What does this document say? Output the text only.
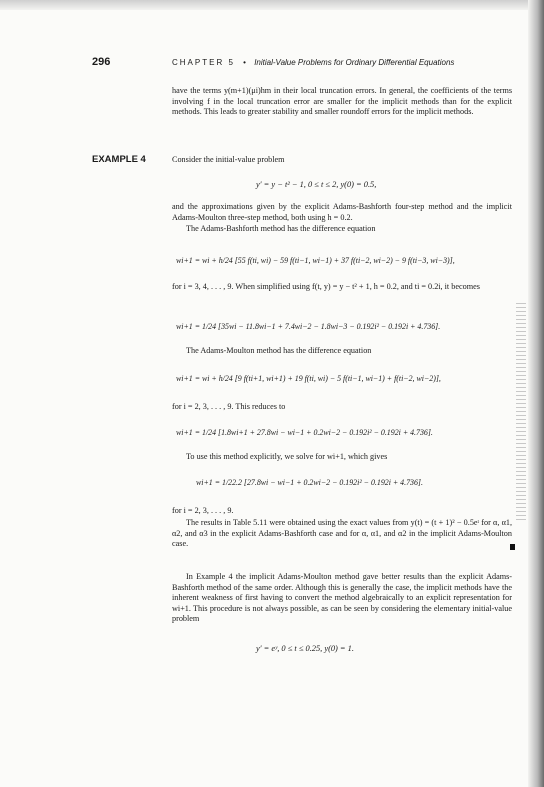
296	CHAPTER 5 • Initial-Value Problems for Ordinary Differential Equations
have the terms y(m+1)(μi)hm in their local truncation errors. In general, the coefficients of the terms involving f in the local truncation error are smaller for the implicit methods than for the explicit methods. This leads to greater stability and smaller roundoff errors for the implicit methods.
EXAMPLE 4	Consider the initial-value problem
y′ = y − t² − 1, 0 ≤ t ≤ 2, y(0) = 0.5,
and the approximations given by the explicit Adams-Bashforth four-step method and the implicit Adams-Moulton three-step method, both using h = 0.2.
The Adams-Bashforth method has the difference equation
wi+1 = wi + h/24 [55 f(ti, wi) − 59 f(ti−1, wi−1) + 37 f(ti−2, wi−2) − 9 f(ti−3, wi−3)],
for i = 3, 4, . . . , 9. When simplified using f(t, y) = y − t² + 1, h = 0.2, and ti = 0.2i, it becomes
wi+1 = 1/24 [35wi − 11.8wi−1 + 7.4wi−2 − 1.8wi−3 − 0.192i² − 0.192i + 4.736].
The Adams-Moulton method has the difference equation
wi+1 = wi + h/24 [9 f(ti+1, wi+1) + 19 f(ti, wi) − 5 f(ti−1, wi−1) + f(ti−2, wi−2)],
for i = 2, 3, . . . , 9. This reduces to
wi+1 = 1/24 [1.8wi+1 + 27.8wi − wi−1 + 0.2wi−2 − 0.192i² − 0.192i + 4.736].
To use this method explicitly, we solve for wi+1, which gives
wi+1 = 1/22.2 [27.8wi − wi−1 + 0.2wi−2 − 0.192i² − 0.192i + 4.736].
for i = 2, 3, . . . , 9.
The results in Table 5.11 were obtained using the exact values from y(t) = (t + 1)² − 0.5eᵗ for α, α1, α2, and α3 in the explicit Adams-Bashforth case and for α, α1, and α2 in the implicit Adams-Moulton case.
In Example 4 the implicit Adams-Moulton method gave better results than the explicit Adams-Bashforth method of the same order. Although this is generally the case, the implicit methods have the inherent weakness of first having to convert the method algebraically to an explicit representation for wi+1. This procedure is not always possible, as can be seen by considering the elementary initial-value problem
y′ = eʸ, 0 ≤ t ≤ 0.25, y(0) = 1.
